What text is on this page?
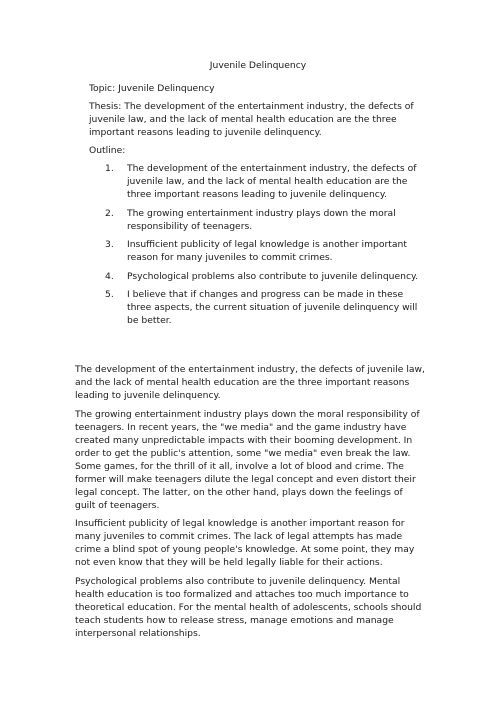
Juvenile Delinquency

Topic: Juvenile Delinquency

Thesis: The development of the entertainment industry, the defects of juvenile law, and the lack of mental health education are the three important reasons leading to juvenile delinquency.

Outline:

1. The development of the entertainment industry, the defects of juvenile law, and the lack of mental health education are the three important reasons leading to juvenile delinquency.
2. The growing entertainment industry plays down the moral responsibility of teenagers.
3. Insufficient publicity of legal knowledge is another important reason for many juveniles to commit crimes.
4. Psychological problems also contribute to juvenile delinquency.
5. I believe that if changes and progress can be made in these three aspects, the current situation of juvenile delinquency will be better.

The development of the entertainment industry, the defects of juvenile law, and the lack of mental health education are the three important reasons leading to juvenile delinquency.

The growing entertainment industry plays down the moral responsibility of teenagers. In recent years, the "we media" and the game industry have created many unpredictable impacts with their booming development. In order to get the public's attention, some "we media" even break the law. Some games, for the thrill of it all, involve a lot of blood and crime. The former will make teenagers dilute the legal concept and even distort their legal concept. The latter, on the other hand, plays down the feelings of guilt of teenagers.

Insufficient publicity of legal knowledge is another important reason for many juveniles to commit crimes. The lack of legal attempts has made crime a blind spot of young people's knowledge. At some point, they may not even know that they will be held legally liable for their actions.

Psychological problems also contribute to juvenile delinquency. Mental health education is too formalized and attaches too much importance to theoretical education. For the mental health of adolescents, schools should teach students how to release stress, manage emotions and manage interpersonal relationships.
